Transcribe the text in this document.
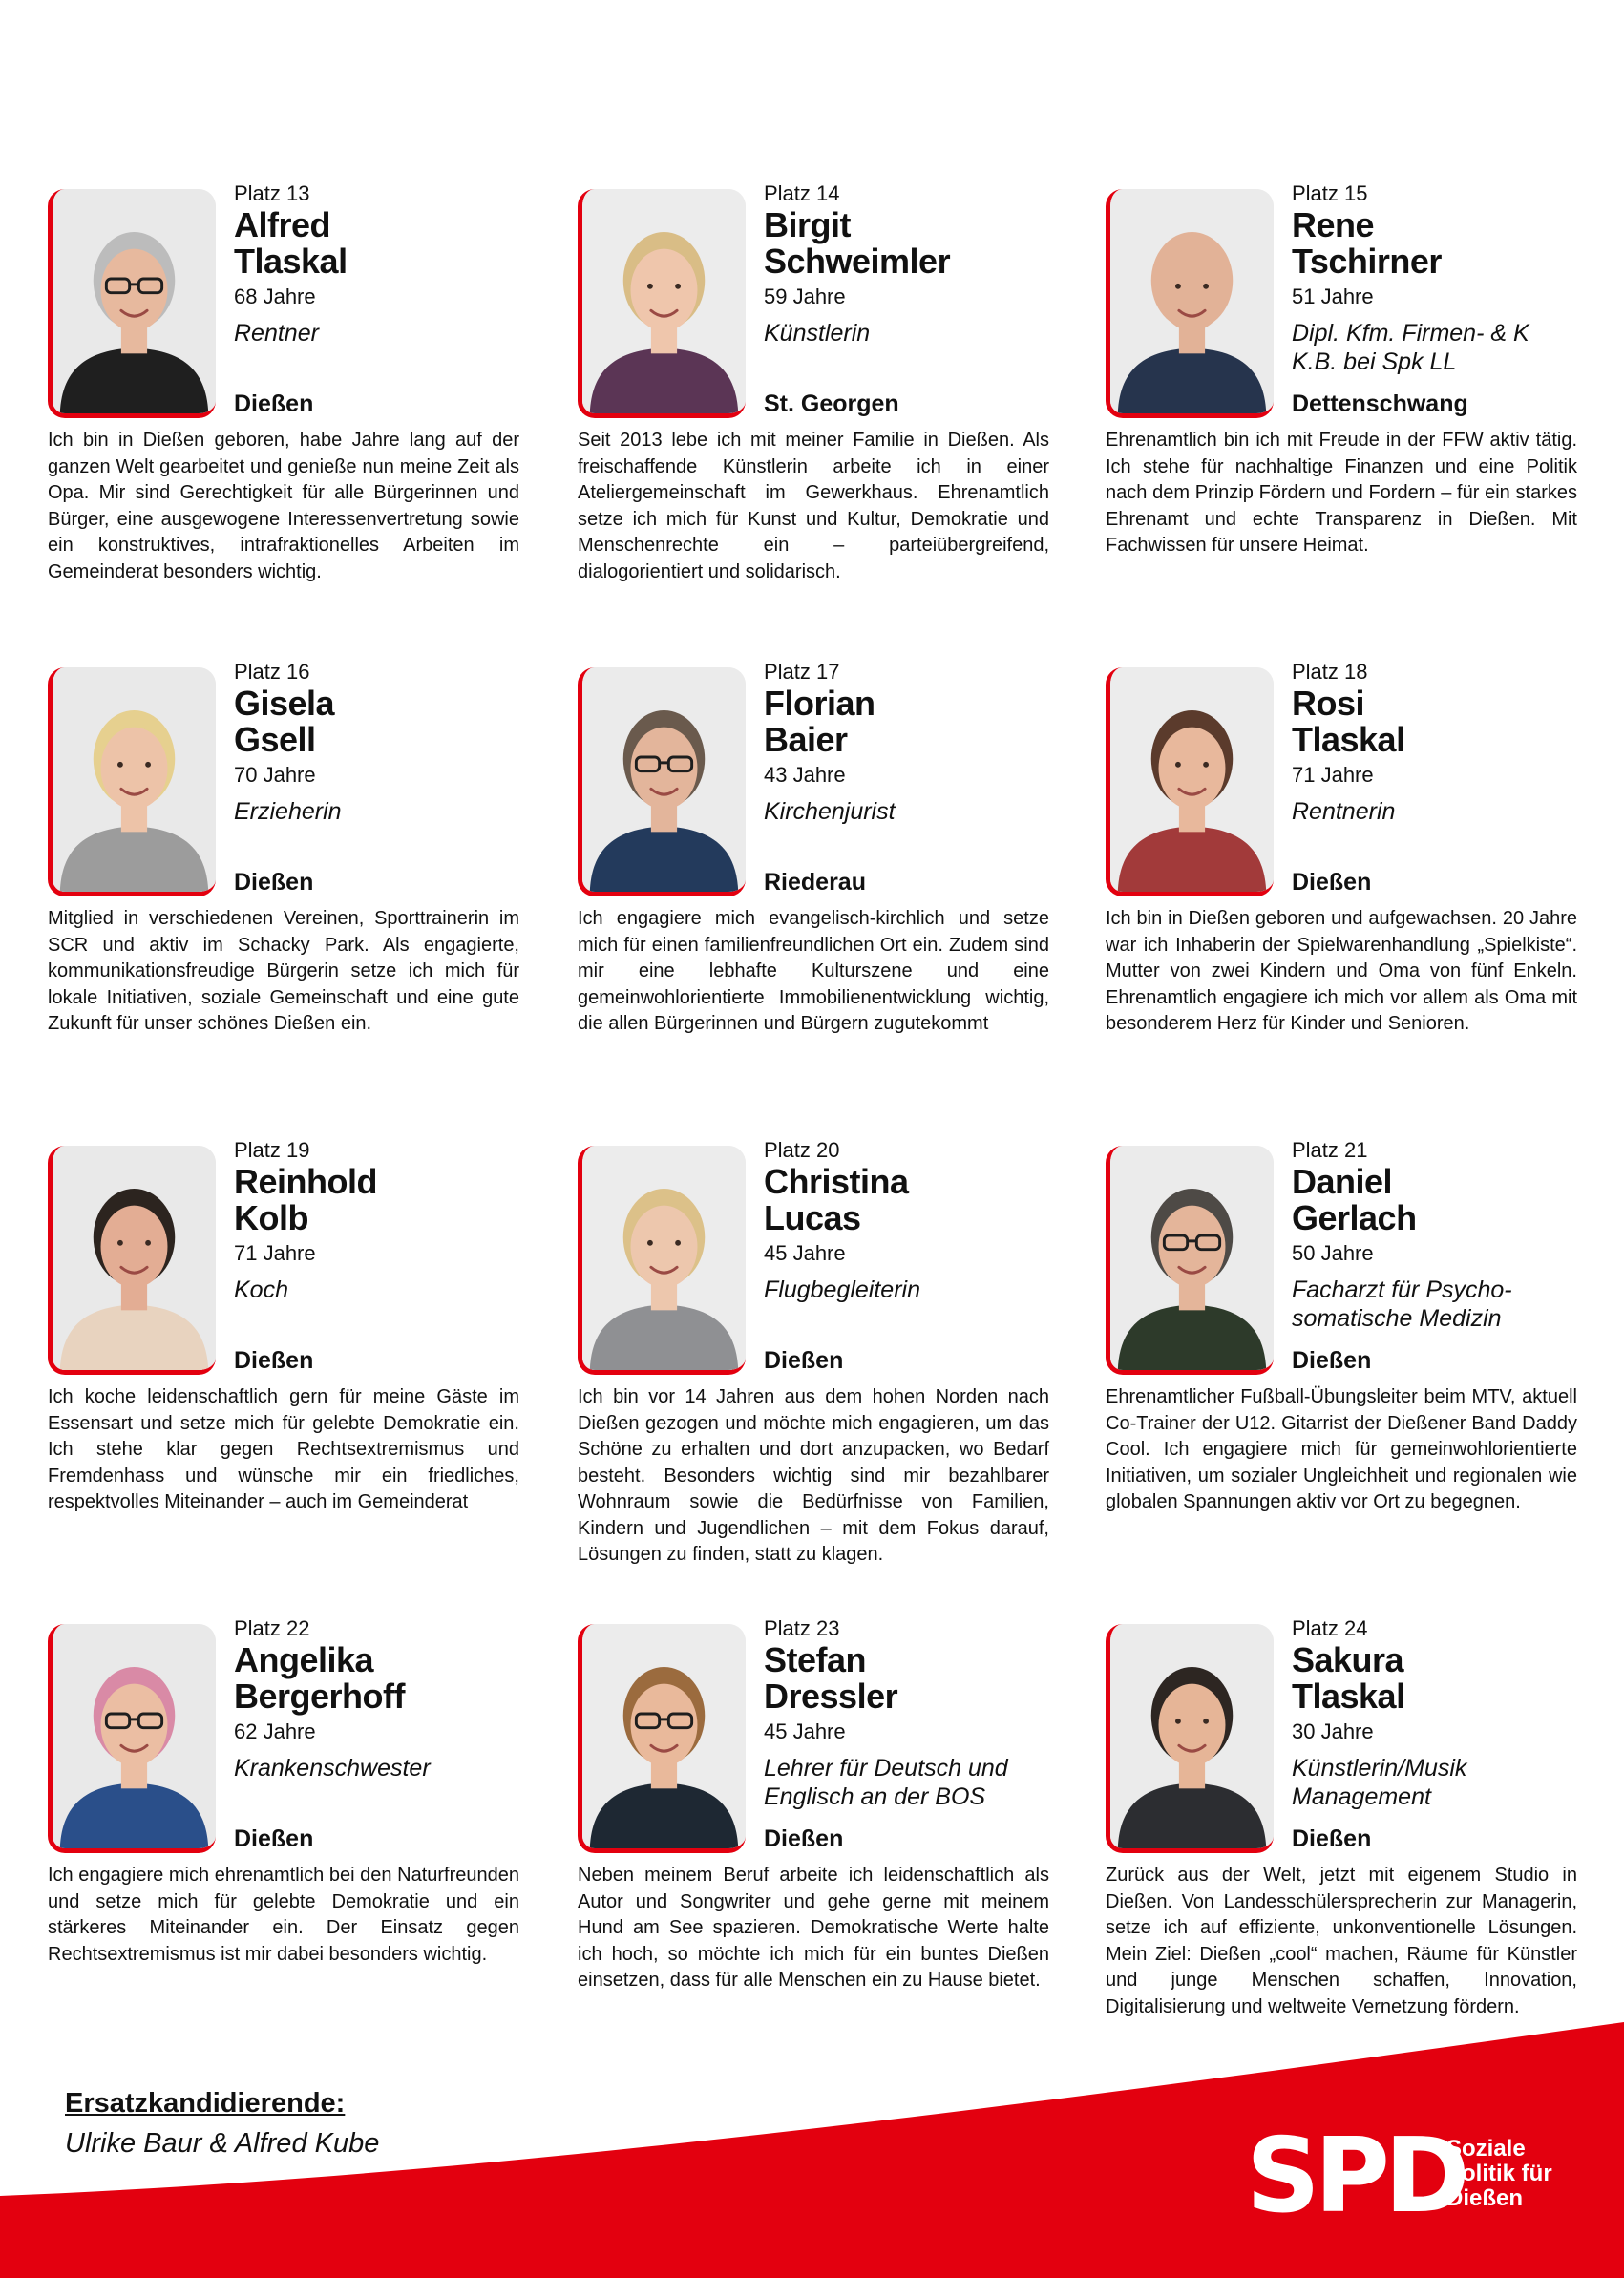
Platz 13
Alfred
Tlaskal
68 Jahre
Rentner
Dießen

Ich bin in Dießen geboren, habe Jahre lang auf der ganzen Welt gearbeitet und genieße nun meine Zeit als Opa. Mir sind Gerechtigkeit für alle Bürgerinnen und Bürger, eine ausgewogene Interessenvertretung sowie ein konstruktives, intrafraktionelles Arbeiten im Gemeinderat besonders wichtig.

Platz 14
Birgit
Schweimler
59 Jahre
Künstlerin
St. Georgen

Seit 2013 lebe ich mit meiner Familie in Dießen. Als freischaffende Künstlerin arbeite ich in einer Ateliergemeinschaft im Gewerkhaus. Ehrenamtlich setze ich mich für Kunst und Kultur, Demokratie und Menschenrechte ein – parteiübergreifend, dialogorientiert und solidarisch.

Platz 15
Rene
Tschirner
51 Jahre
Dipl. Kfm. Firmen- & K K.B. bei Spk LL
Dettenschwang

Ehrenamtlich bin ich mit Freude in der FFW aktiv tätig. Ich stehe für nachhaltige Finanzen und eine Politik nach dem Prinzip Fördern und Fordern – für ein starkes Ehrenamt und echte Transparenz in Dießen. Mit Fachwissen für unsere Heimat.

Platz 16
Gisela
Gsell
70 Jahre
Erzieherin
Dießen

Mitglied in verschiedenen Vereinen, Sporttrainerin im SCR und aktiv im Schacky Park. Als engagierte, kommunikationsfreudige Bürgerin setze ich mich für lokale Initiativen, soziale Gemeinschaft und eine gute Zukunft für unser schönes Dießen ein.

Platz 17
Florian
Baier
43 Jahre
Kirchenjurist
Riederau

Ich engagiere mich evangelisch-kirchlich und setze mich für einen familienfreundlichen Ort ein. Zudem sind mir eine lebhafte Kulturszene und eine gemeinwohlorientierte Immobilienentwicklung wichtig, die allen Bürgerinnen und Bürgern zugutekommt

Platz 18
Rosi
Tlaskal
71 Jahre
Rentnerin
Dießen

Ich bin in Dießen geboren und aufgewachsen. 20 Jahre war ich Inhaberin der Spielwarenhandlung „Spielkiste“. Mutter von zwei Kindern und Oma von fünf Enkeln. Ehrenamtlich engagiere ich mich vor allem als Oma mit besonderem Herz für Kinder und Senioren.

Platz 19
Reinhold
Kolb
71 Jahre
Koch
Dießen

Ich koche leidenschaftlich gern für meine Gäste im Essensart und setze mich für gelebte Demokratie ein. Ich stehe klar gegen Rechtsextremismus und Fremdenhass und wünsche mir ein friedliches, respektvolles Miteinander – auch im Gemeinderat

Platz 20
Christina
Lucas
45 Jahre
Flugbegleiterin
Dießen

Ich bin vor 14 Jahren aus dem hohen Norden nach Dießen gezogen und möchte mich engagieren, um das Schöne zu erhalten und dort anzupacken, wo Bedarf besteht. Besonders wichtig sind mir bezahlbarer Wohnraum sowie die Bedürfnisse von Familien, Kindern und Jugendlichen – mit dem Fokus darauf, Lösungen zu finden, statt zu klagen.

Platz 21
Daniel
Gerlach
50 Jahre
Facharzt für Psycho-somatische Medizin
Dießen

Ehrenamtlicher Fußball-Übungsleiter beim MTV, aktuell Co-Trainer der U12. Gitarrist der Dießener Band Daddy Cool. Ich engagiere mich für gemeinwohlorientierte Initiativen, um sozialer Ungleichheit und regionalen wie globalen Spannungen aktiv vor Ort zu begegnen.

Platz 22
Angelika
Bergerhoff
62 Jahre
Krankenschwester
Dießen

Ich engagiere mich ehrenamtlich bei den Naturfreunden und setze mich für gelebte Demokratie und ein stärkeres Miteinander ein. Der Einsatz gegen Rechtsextremismus ist mir dabei besonders wichtig.

Platz 23
Stefan
Dressler
45 Jahre
Lehrer für Deutsch und Englisch an der BOS
Dießen

Neben meinem Beruf arbeite ich leidenschaftlich als Autor und Songwriter und gehe gerne mit meinem Hund am See spazieren. Demokratische Werte halte ich hoch, so möchte ich mich für ein buntes Dießen einsetzen, dass für alle Menschen ein zu Hause bietet.

Platz 24
Sakura
Tlaskal
30 Jahre
Künstlerin/Musik Management
Dießen

Zurück aus der Welt, jetzt mit eigenem Studio in Dießen. Von Landesschülersprecherin zur Managerin, setze ich auf effiziente, unkonventionelle Lösungen. Mein Ziel: Dießen „cool“ machen, Räume für Künstler und junge Menschen schaffen, Innovation, Digitalisierung und weltweite Vernetzung fördern.

Ersatzkandidierende:
Ulrike Baur & Alfred Kube	SPD
Soziale
Politik für
Dießen
